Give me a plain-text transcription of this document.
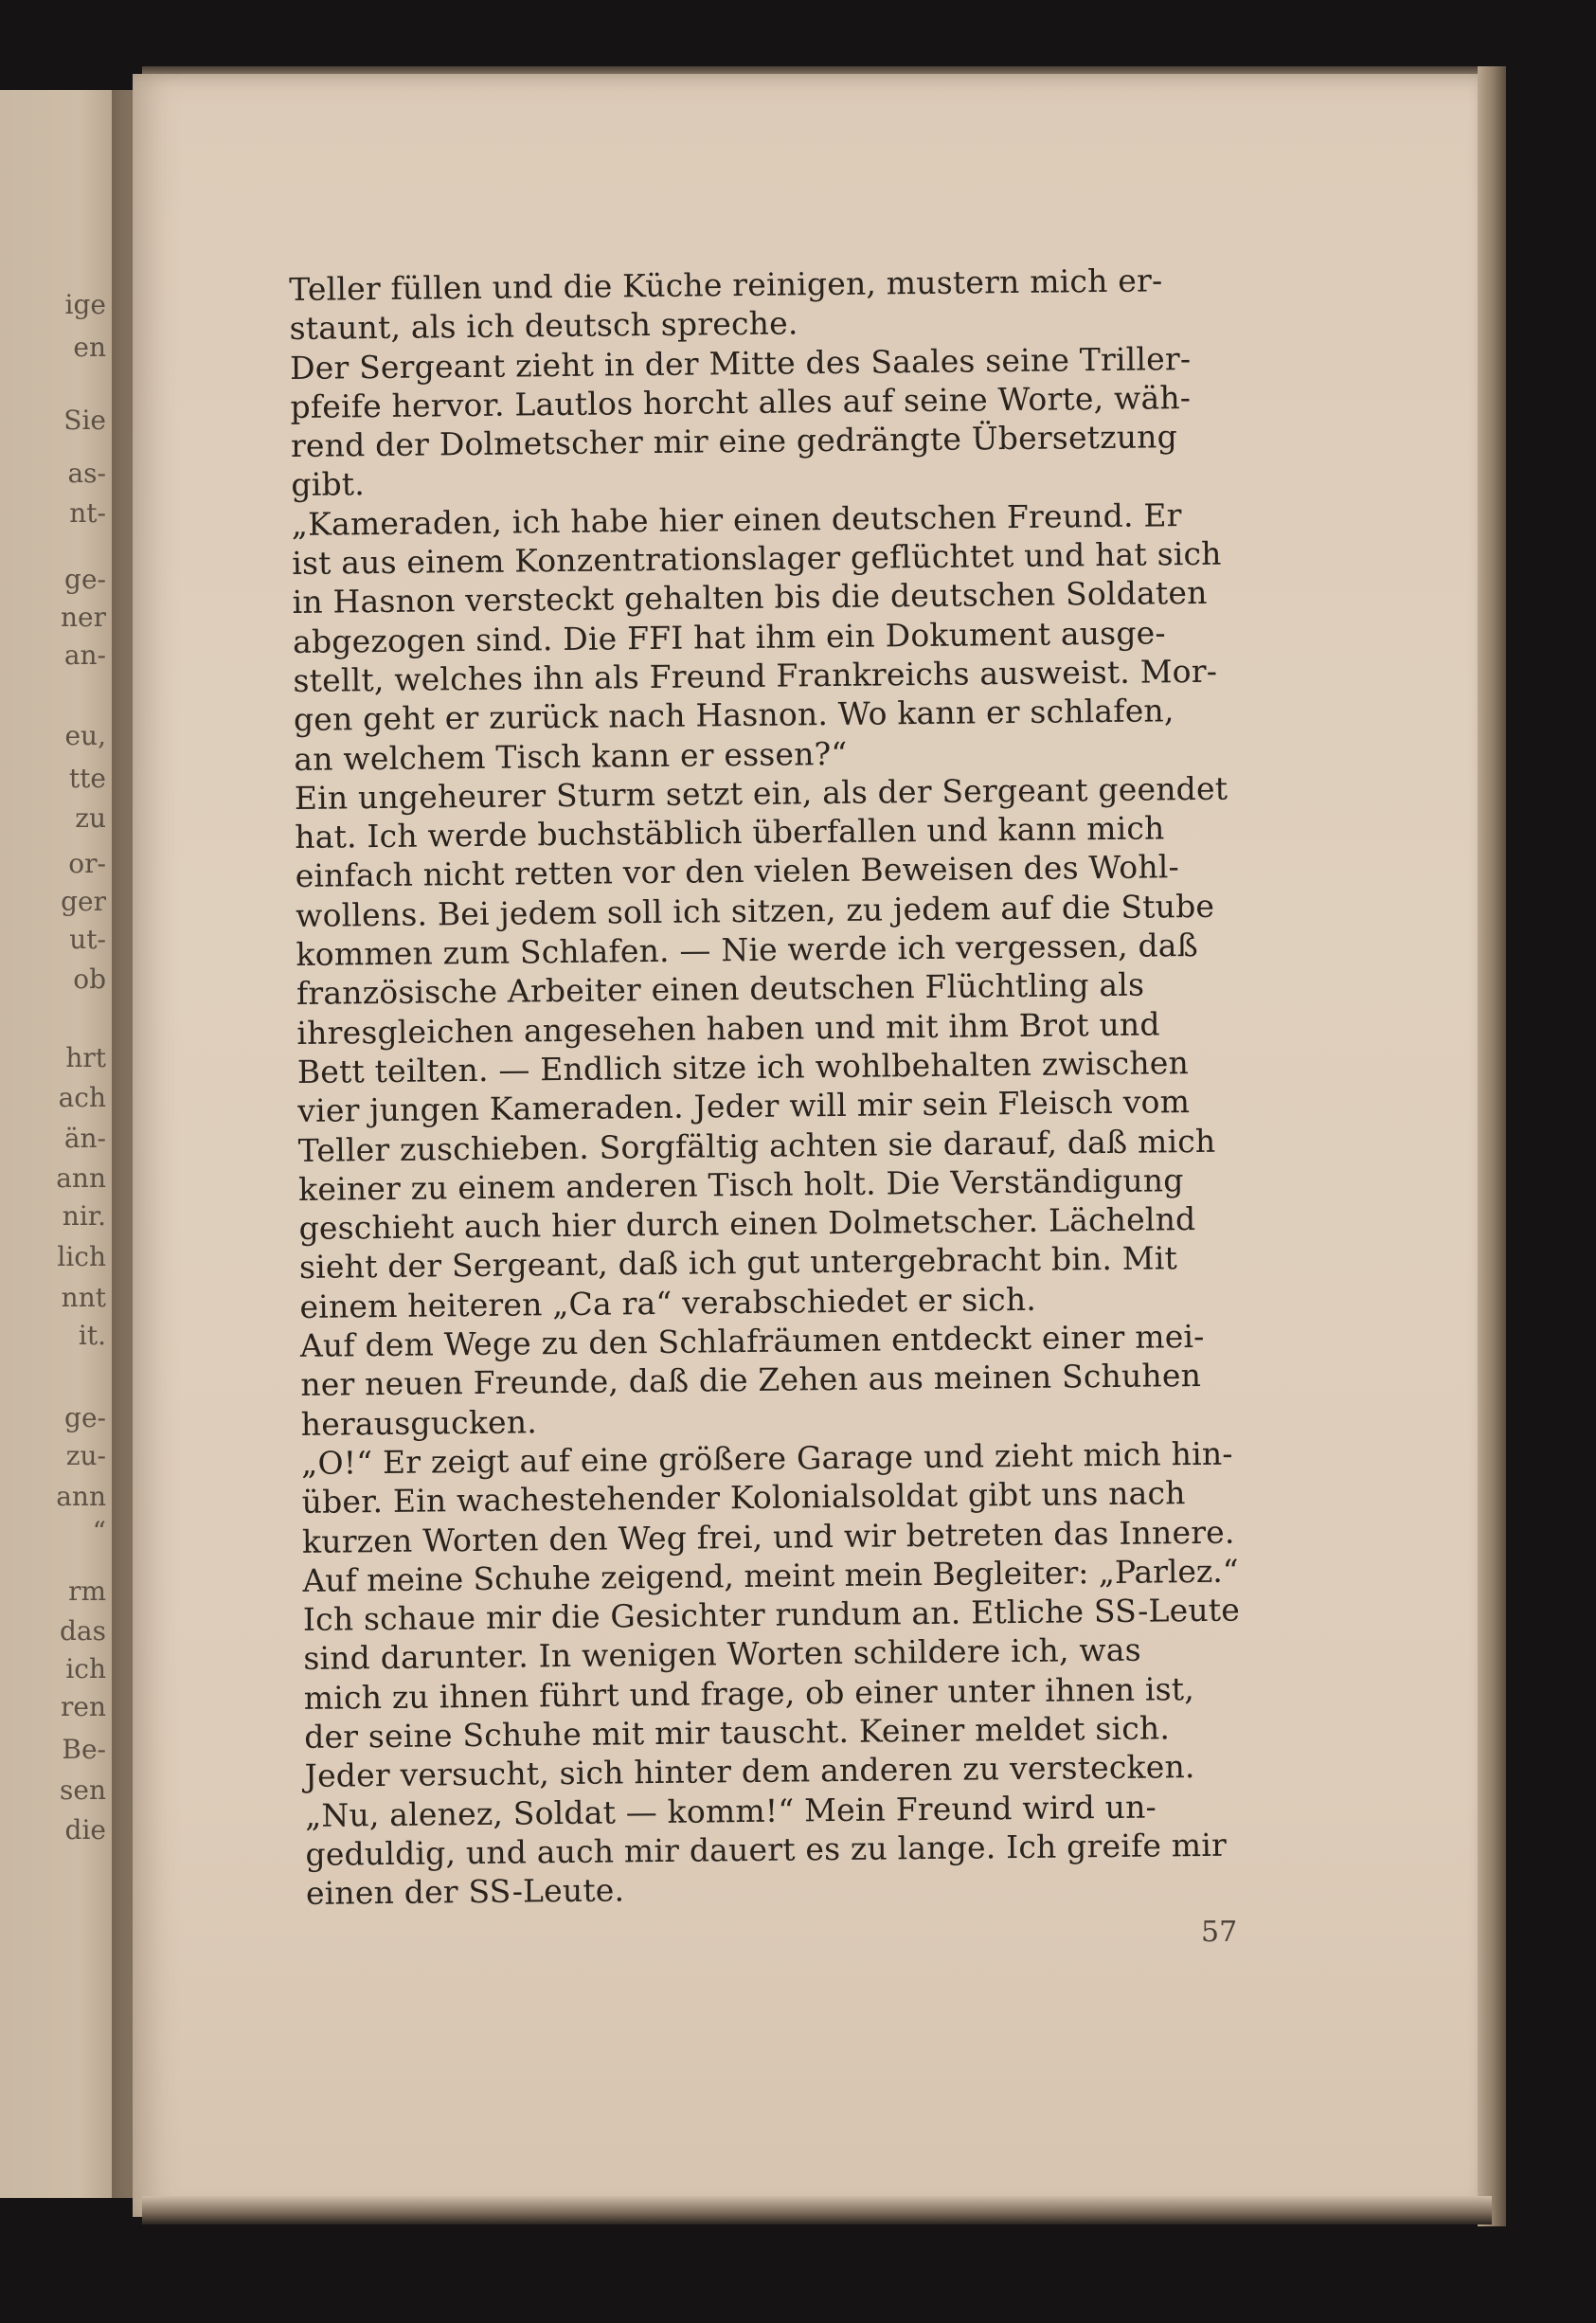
ige
en
Sie
as-
nt-
ge-
ner
an-
eu,
tte
zu
or-
ger
ut-
ob
hrt
ach
än-
ann
nir.
lich
nnt
it.
ge-
zu-
ann
“
rm
das
ich
ren
Be-
sen
die
Teller füllen und die Küche reinigen, mustern mich er-
staunt, als ich deutsch spreche.
Der Sergeant zieht in der Mitte des Saales seine Triller-
pfeife hervor. Lautlos horcht alles auf seine Worte, wäh-
rend der Dolmetscher mir eine gedrängte Übersetzung
gibt.
„Kameraden, ich habe hier einen deutschen Freund. Er
ist aus einem Konzentrationslager geflüchtet und hat sich
in Hasnon versteckt gehalten bis die deutschen Soldaten
abgezogen sind. Die FFI hat ihm ein Dokument ausge-
stellt, welches ihn als Freund Frankreichs ausweist. Mor-
gen geht er zurück nach Hasnon. Wo kann er schlafen,
an welchem Tisch kann er essen?“
Ein ungeheurer Sturm setzt ein, als der Sergeant geendet
hat. Ich werde buchstäblich überfallen und kann mich
einfach nicht retten vor den vielen Beweisen des Wohl-
wollens. Bei jedem soll ich sitzen, zu jedem auf die Stube
kommen zum Schlafen. — Nie werde ich vergessen, daß
französische Arbeiter einen deutschen Flüchtling als
ihresgleichen angesehen haben und mit ihm Brot und
Bett teilten. — Endlich sitze ich wohlbehalten zwischen
vier jungen Kameraden. Jeder will mir sein Fleisch vom
Teller zuschieben. Sorgfältig achten sie darauf, daß mich
keiner zu einem anderen Tisch holt. Die Verständigung
geschieht auch hier durch einen Dolmetscher. Lächelnd
sieht der Sergeant, daß ich gut untergebracht bin. Mit
einem heiteren „Ca ra“ verabschiedet er sich.
Auf dem Wege zu den Schlafräumen entdeckt einer mei-
ner neuen Freunde, daß die Zehen aus meinen Schuhen
herausgucken.
„O!“ Er zeigt auf eine größere Garage und zieht mich hin-
über. Ein wachestehender Kolonialsoldat gibt uns nach
kurzen Worten den Weg frei, und wir betreten das Innere.
Auf meine Schuhe zeigend, meint mein Begleiter: „Parlez.“
Ich schaue mir die Gesichter rundum an. Etliche SS-Leute
sind darunter. In wenigen Worten schildere ich, was
mich zu ihnen führt und frage, ob einer unter ihnen ist,
der seine Schuhe mit mir tauscht. Keiner meldet sich.
Jeder versucht, sich hinter dem anderen zu verstecken.
„Nu, alenez, Soldat — komm!“ Mein Freund wird un-
geduldig, und auch mir dauert es zu lange. Ich greife mir
einen der SS-Leute.
57
